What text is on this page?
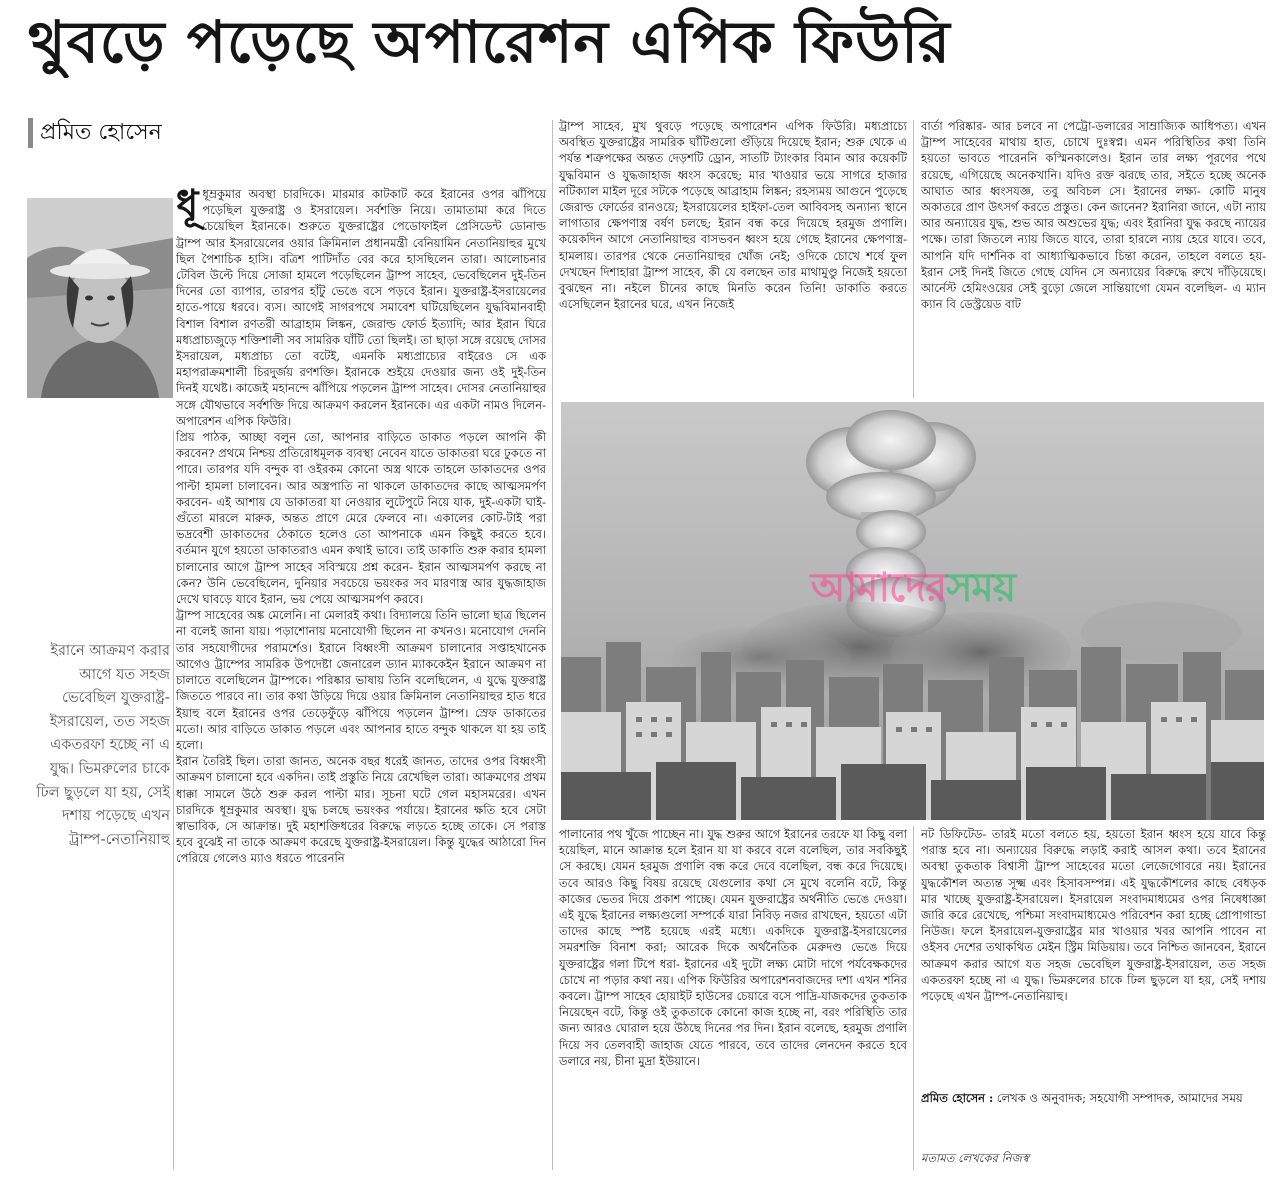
থুবড়ে পড়েছে অপারেশন এপিক ফিউরি
প্রমিত হোসেন
ধূ ধূম্রকুমার অবস্থা চারদিকে। মারমার কাটকাট করে ইরানের ওপর ঝাঁপিয়ে পড়েছিল যুক্তরাষ্ট্র ও ইসরায়েল। সর্বশক্তি নিয়ে। তামাতামা করে দিতে চেয়েছিল ইরানকে। শুরুতে যুক্তরাষ্ট্রের পেডোফাইল প্রেসিডেন্ট ডোনাল্ড ট্রাম্প আর ইসরায়েলের ওয়ার ক্রিমিনাল প্রধানমন্ত্রী বেনিয়ামিন নেতানিয়াহুর মুখে ছিল পৈশাচিক হাসি। বত্রিশ পাটিদাঁত বের করে হাসছিলেন তারা। আলোচনার টেবিল উল্টে দিয়ে সোজা হামলে পড়েছিলেন ট্রাম্প সাহেব, ভেবেছিলেন দুই-তিন দিনের তো ব্যাপার, তারপর হাঁটু ভেঙে বসে পড়বে ইরান। যুক্তরাষ্ট্র-ইসরায়েলের হাতে-পায়ে ধরবে। ব্যস। আগেই সাগরপথে সমাবেশ ঘটিয়েছিলেন যুদ্ধবিমানবাহী বিশাল বিশাল রণতরী আব্রাহাম লিঙ্কন, জেরাল্ড ফোর্ড ইত্যাদি; আর ইরান ঘিরে মধ্যপ্রাচ্যজুড়ে শক্তিশালী সব সামরিক ঘাঁটি তো ছিলই। তা ছাড়া সঙ্গে রয়েছে দোসর ইসরায়েল, মধ্যপ্রাচ্য তো বটেই, এমনকি মধ্যপ্রাচ্যের বাইরেও সে এক মহাপরাক্রমশালী চিরদুর্জয় রণশক্তি। ইরানকে শুইয়ে দেওয়ার জন্য ওই দুই-তিন দিনই যথেষ্ট। কাজেই মহানন্দে ঝাঁপিয়ে পড়লেন ট্রাম্প সাহেব। দোসর নেতানিয়াহুর সঙ্গে যৌথভাবে সর্বশক্তি দিয়ে আক্রমণ করলেন ইরানকে। এর একটা নামও দিলেন- অপারেশন এপিক ফিউরি।

প্রিয় পাঠক, আচ্ছা বলুন তো, আপনার বাড়িতে ডাকাত পড়লে আপনি কী করবেন? প্রথমে নিশ্চয় প্রতিরোধমূলক ব্যবস্থা নেবেন যাতে ডাকাতরা ঘরে ঢুকতে না পারে। তারপর যদি বন্দুক বা ওইরকম কোনো অস্ত্র থাকে তাহলে ডাকাতদের ওপর পাল্টা হামলা চালাবেন। আর অস্ত্রপাতি না থাকলে ডাকাতদের কাছে আত্মসমর্পণ করবেন- এই আশায় যে ডাকাতরা যা নেওয়ার লুটেপুটে নিয়ে যাক, দুই-একটা ঘাই-গুঁতো মারলে মারুক, অন্তত প্রাণে মেরে ফেলবে না। একালের কোট-টাই পরা ভদ্রবেশী ডাকাতদের ঠেকাতে হলেও তো আপনাকে এমন কিছুই করতে হবে। বর্তমান যুগে হয়তো ডাকাতরাও এমন কথাই ভাবে। তাই ডাকাতি শুরু করার হামলা চালানোর আগে ট্রাম্প সাহেব সবিস্ময়ে প্রশ্ন করেন- ইরান আত্মসমর্পণ করছে না কেন? উনি ভেবেছিলেন, দুনিয়ার সবচেয়ে ভয়ংকর সব মারণাস্ত্র আর যুদ্ধজাহাজ দেখে ঘাবড়ে যাবে ইরান, ভয় পেয়ে আত্মসমর্পণ করবে।

ট্রাম্প সাহেবের অঙ্ক মেলেনি। না মেলারই কথা। বিদ্যালয়ে তিনি ভালো ছাত্র ছিলেন না বলেই জানা যায়। পড়াশোনায় মনোযোগী ছিলেন না কখনও। মনোযোগ দেননি তার সহযোগীদের পরামর্শেও। ইরানে বিধ্বংসী আক্রমণ চালানোর সপ্তাহখানেক আগেও ট্রাম্পের সামরিক উপদেষ্টা জেনারেল ড্যান ম্যাককেইন ইরানে আক্রমণ না চালাতে বলেছিলেন ট্রাম্পকে। পরিষ্কার ভাষায় তিনি বলেছিলেন, এ যুদ্ধে যুক্তরাষ্ট্র জিততে পারবে না। তার কথা উড়িয়ে দিয়ে ওয়ার ক্রিমিনাল নেতানিয়াহুর হাত ধরে ইয়াহু বলে ইরানের ওপর তেড়েফুঁড়ে ঝাঁপিয়ে পড়লেন ট্রাম্প। স্রেফ ডাকাতের মতো। আর বাড়িতে ডাকাত পড়লে এবং আপনার হাতে বন্দুক থাকলে যা হয় তাই হলো।

ইরান তৈরিই ছিল। তারা জানত, অনেক বছর ধরেই জানত, তাদের ওপর বিধ্বংসী আক্রমণ চালানো হবে একদিন। তাই প্রস্তুতি নিয়ে রেখেছিল তারা। আক্রমণের প্রথম ধাক্কা সামলে উঠে শুরু করল পাল্টা মার। সূচনা ঘটে গেল মহাসমরের। এখন চারদিকে ধূম্রকুমার অবস্থা। যুদ্ধ চলছে ভয়ংকর পর্যায়ে। ইরানের ক্ষতি হবে সেটা স্বাভাবিক, সে আক্রান্ত। দুই মহাশক্তিধরের বিরুদ্ধে লড়তে হচ্ছে তাকে। সে পরাস্ত হবে বুঝেই না তাকে আক্রমণ করেছে যুক্তরাষ্ট্র-ইসরায়েল। কিন্তু যুদ্ধের আঠারো দিন পেরিয়ে গেলেও ম্যাও ধরতে পারেননি

ইরানে আক্রমণ করার আগে যত সহজ ভেবেছিল যুক্তরাষ্ট্র-ইসরায়েল, তত সহজ একতরফা হচ্ছে না এ যুদ্ধ। ভিমরুলের চাকে ঢিল ছুড়লে যা হয়, সেই দশায় পড়েছে এখন ট্রাম্প-নেতানিয়াহু
ট্রাম্প সাহেব, মুখ থুবড়ে পড়েছে অপারেশন এপিক ফিউরি। মধ্যপ্রাচ্যে অবস্থিত যুক্তরাষ্ট্রের সামরিক ঘাঁটিগুলো গুঁড়িয়ে দিয়েছে ইরান; শুরু থেকে এ পর্যন্ত শত্রুপক্ষের অন্তত দেড়শটি ড্রোন, সাতটি ট্যাংকার বিমান আর কয়েকটি যুদ্ধবিমান ও যুদ্ধজাহাজ ধ্বংস করেছে; মার খাওয়ার ভয়ে সাগরে হাজার নটিক্যাল মাইল দূরে সটকে পড়েছে আব্রাহাম লিঙ্কন; রহস্যময় আগুনে পুড়েছে জেরাল্ড ফোর্ডের রানওয়ে; ইসরায়েলের হাইফা-তেল আবিবসহ অন্যান্য স্থানে লাগাতার ক্ষেপণাস্ত্র বর্ষণ চলছে; ইরান বন্ধ করে দিয়েছে হরমুজ প্রণালি। কয়েকদিন আগে নেতানিয়াহুর বাসভবন ধ্বংস হয়ে গেছে ইরানের ক্ষেপণাস্ত্র-হামলায়। তারপর থেকে নেতানিয়াহুর খোঁজ নেই; ওদিকে চোখে শর্ষে ফুল দেখছেন দিশাহারা ট্রাম্প সাহেব, কী যে বলছেন তার মাথামুণ্ডু নিজেই হয়তো বুঝছেন না। নইলে চীনের কাছে মিনতি করেন তিনি! ডাকাতি করতে এসেছিলেন ইরানের ঘরে, এখন নিজেই
বার্তা পরিষ্কার- আর চলবে না পেট্রো-ডলারের সাম্রাজ্যিক আধিপত্য। এখন ট্রাম্প সাহেবের মাথায় হাত, চোখে দুঃস্বপ্ন। এমন পরিস্থিতির কথা তিনি হয়তো ভাবতে পারেননি কস্মিনকালেও। ইরান তার লক্ষ্য পূরণের পথে রয়েছে, এগিয়েছে অনেকখানি। যদিও রক্ত ঝরছে তার, সইতে হচ্ছে অনেক আঘাত আর ধ্বংসযজ্ঞ, তবু অবিচল সে। ইরানের লক্ষ্য- কোটি মানুষ অকাতরে প্রাণ উৎসর্গ করতে প্রস্তুত। কেন জানেন? ইরানিরা জানে, এটা ন্যায় আর অন্যায়ের যুদ্ধ, শুভ আর অশুভের যুদ্ধ; এবং ইরানিরা যুদ্ধ করছে ন্যায়ের পক্ষে। তারা জিতলে ন্যায় জিতে যাবে, তারা হারলে ন্যায় হেরে যাবে। তবে, আপনি যদি দার্শনিক বা আধ্যাত্মিকভাবে চিন্তা করেন, তাহলে বলতে হয়- ইরান সেই দিনই জিতে গেছে যেদিন সে অন্যায়ের বিরুদ্ধে রুখে দাঁড়িয়েছে। আর্নেস্ট হেমিংওয়ের সেই বুড়ো জেলে সান্তিয়াগো যেমন বলেছিল- এ ম্যান ক্যান বি ডেস্ট্রয়েড বাট
আমাদেরসময়
পালানোর পথ খুঁজে পাচ্ছেন না। যুদ্ধ শুরুর আগে ইরানের তরফে যা কিছু বলা হয়েছিল, মানে আক্রান্ত হলে ইরান যা যা করবে বলে বলেছিল, তার সবকিছুই সে করছে। যেমন হরমুজ প্রণালি বন্ধ করে দেবে বলেছিল, বন্ধ করে দিয়েছে। তবে আরও কিছু বিষয় রয়েছে যেগুলোর কথা সে মুখে বলেনি বটে, কিন্তু কাজের ভেতর দিয়ে প্রকাশ পাচ্ছে। যেমন যুক্তরাষ্ট্রের অর্থনীতি ভেঙে দেওয়া। এই যুদ্ধে ইরানের লক্ষ্যগুলো সম্পর্কে যারা নিবিড় নজর রাখছেন, হয়তো এটা তাদের কাছে স্পষ্ট হয়েছে এরই মধ্যে। একদিকে যুক্তরাষ্ট্র-ইসরায়েলের সমরশক্তি বিনাশ করা; আরেক দিকে অর্থনৈতিক মেরুদণ্ড ভেঙে দিয়ে যুক্তরাষ্ট্রের গলা টিপে ধরা- ইরানের এই দুটো লক্ষ্য মোটা দাগে পর্যবেক্ষকদের চোখে না পড়ার কথা নয়। এপিক ফিউরির অপারেশনবাজদের দশা এখন শনির কবলে। ট্রাম্প সাহেব হোয়াইট হাউসের চেয়ারে বসে পাদ্রি-যাজকদের তুকতাক নিয়েছেন বটে, কিন্তু ওই তুকতাকে কোনো কাজ হচ্ছে না, বরং পরিস্থিতি তার জন্য আরও ঘোরাল হয়ে উঠছে দিনের পর দিন। ইরান বলেছে, হরমুজ প্রণালি দিয়ে সব তেলবাহী জাহাজ যেতে পারবে, তবে তাদের লেনদেন করতে হবে ডলারে নয়, চীনা মুদ্রা ইউয়ানে।
নট ডিফিটেড- তারই মতো বলতে হয়, হয়তো ইরান ধ্বংস হয়ে যাবে কিন্তু পরাস্ত হবে না। অন্যায়ের বিরুদ্ধে লড়াই করাই আসল কথা। তবে ইরানের অবস্থা তুকতাক বিশ্বাসী ট্রাম্প সাহেবের মতো লেজেগোবরে নয়। ইরানের যুদ্ধকৌশল অত্যন্ত সূক্ষ্ম এবং হিসাবসম্পন্ন। এই যুদ্ধকৌশলের কাছে বেধড়ক মার খাচ্ছে যুক্তরাষ্ট্র-ইসরায়েল। ইসরায়েল সংবাদমাধ্যমের ওপর নিষেধাজ্ঞা জারি করে রেখেছে, পশ্চিমা সংবাদমাধ্যমেও পরিবেশন করা হচ্ছে প্রোপাগান্ডা নিউজ। ফলে ইসরায়েল-যুক্তরাষ্ট্রের মার খাওয়ার খবর আপনি পাবেন না ওইসব দেশের তথাকথিত মেইন স্ট্রিম মিডিয়ায়। তবে নিশ্চিত জানবেন, ইরানে আক্রমণ করার আগে যত সহজ ভেবেছিল যুক্তরাষ্ট্র-ইসরায়েল, তত সহজ একতরফা হচ্ছে না এ যুদ্ধ। ভিমরুলের চাকে ঢিল ছুড়লে যা হয়, সেই দশায় পড়েছে এখন ট্রাম্প-নেতানিয়াহু।
প্রমিত হোসেন : লেখক ও অনুবাদক; সহযোগী সম্পাদক, আমাদের সময়
মতামত লেখকের নিজস্ব
